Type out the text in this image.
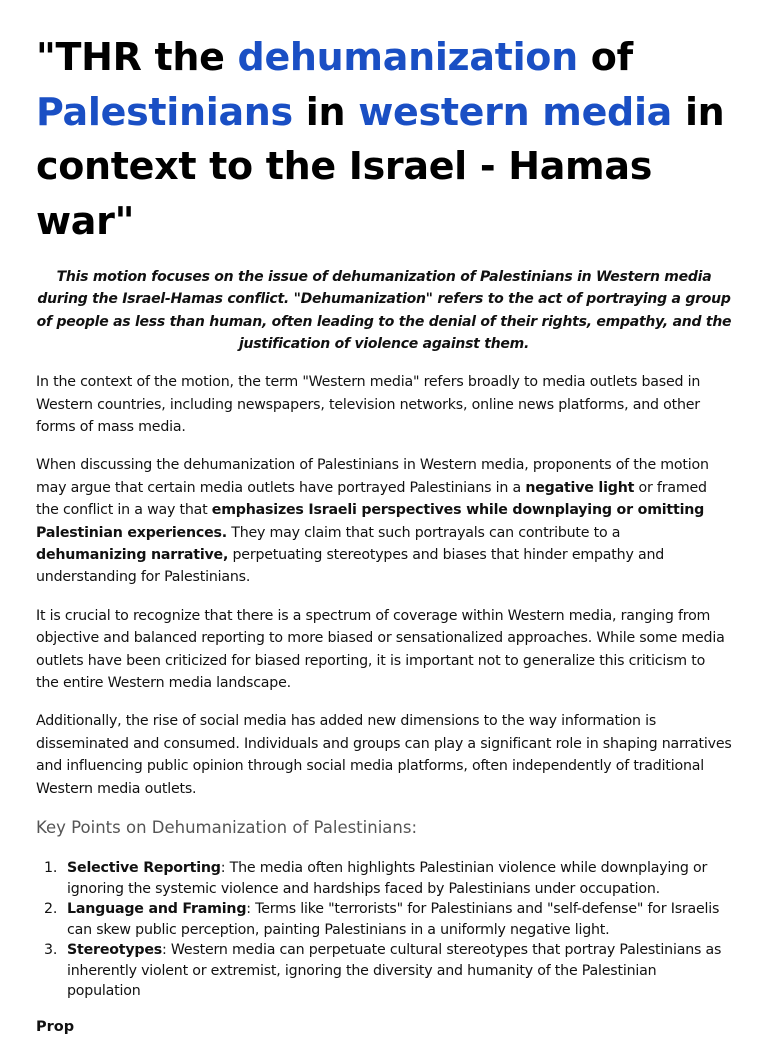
"THR the dehumanization of Palestinians in western media in context to the Israel - Hamas war"

This motion focuses on the issue of dehumanization of Palestinians in Western media during the Israel-Hamas conflict. "Dehumanization" refers to the act of portraying a group of people as less than human, often leading to the denial of their rights, empathy, and the justification of violence against them.

In the context of the motion, the term "Western media" refers broadly to media outlets based in Western countries, including newspapers, television networks, online news platforms, and other forms of mass media.

When discussing the dehumanization of Palestinians in Western media, proponents of the motion may argue that certain media outlets have portrayed Palestinians in a negative light or framed the conflict in a way that emphasizes Israeli perspectives while downplaying or omitting Palestinian experiences. They may claim that such portrayals can contribute to a dehumanizing narrative, perpetuating stereotypes and biases that hinder empathy and understanding for Palestinians.

It is crucial to recognize that there is a spectrum of coverage within Western media, ranging from objective and balanced reporting to more biased or sensationalized approaches. While some media outlets have been criticized for biased reporting, it is important not to generalize this criticism to the entire Western media landscape.

Additionally, the rise of social media has added new dimensions to the way information is disseminated and consumed. Individuals and groups can play a significant role in shaping narratives and influencing public opinion through social media platforms, often independently of traditional Western media outlets.

Key Points on Dehumanization of Palestinians:
1. Selective Reporting: The media often highlights Palestinian violence while downplaying or ignoring the systemic violence and hardships faced by Palestinians under occupation.
2. Language and Framing: Terms like "terrorists" for Palestinians and "self-defense" for Israelis can skew public perception, painting Palestinians in a uniformly negative light.
3. Stereotypes: Western media can perpetuate cultural stereotypes that portray Palestinians as inherently violent or extremist, ignoring the diversity and humanity of the Palestinian population

Prop
